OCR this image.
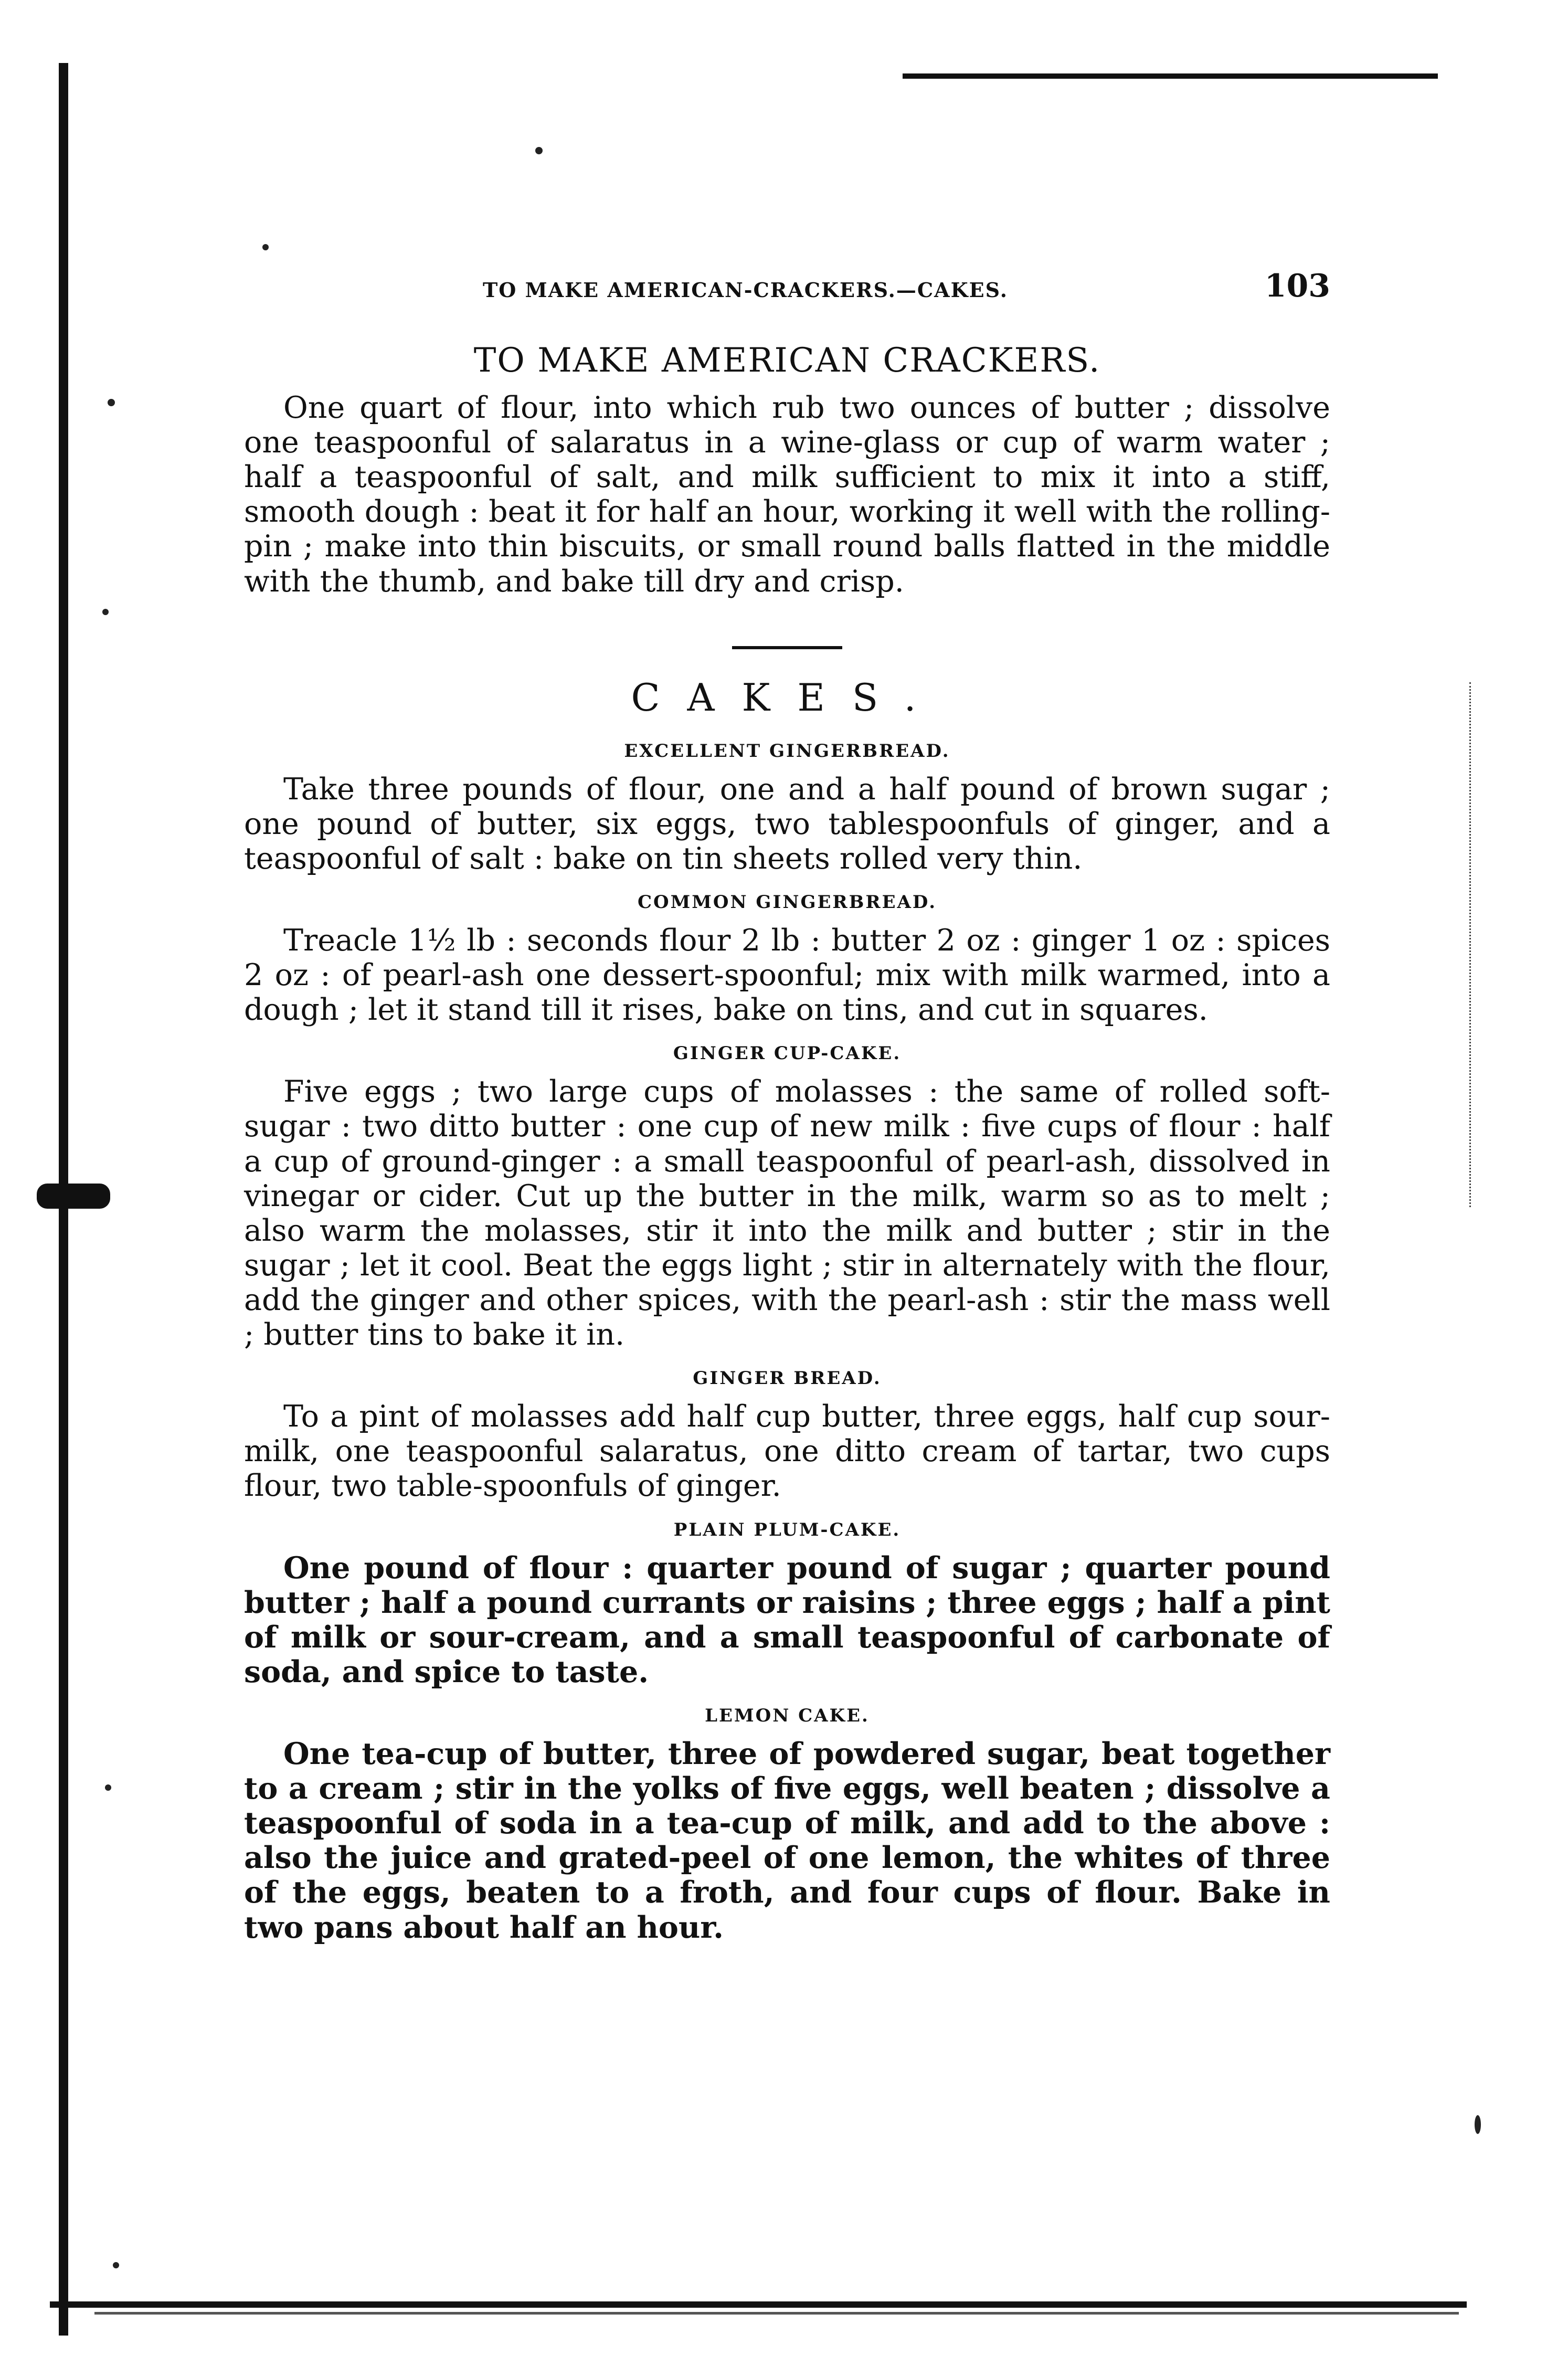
TO MAKE AMERICAN-CRACKERS.—CAKES.	103
TO MAKE AMERICAN CRACKERS.

One quart of flour, into which rub two ounces of butter ; dissolve one teaspoonful of salaratus in a wine-glass or cup of warm water ; half a teaspoonful of salt, and milk sufficient to mix it into a stiff, smooth dough : beat it for half an hour, working it well with the rolling-pin ; make into thin biscuits, or small round balls flatted in the middle with the thumb, and bake till dry and crisp.

CAKES.
EXCELLENT GINGERBREAD.

Take three pounds of flour, one and a half pound of brown sugar ; one pound of butter, six eggs, two tablespoonfuls of ginger, and a teaspoonful of salt : bake on tin sheets rolled very thin.

COMMON GINGERBREAD.

Treacle 1½ lb : seconds flour 2 lb : butter 2 oz : ginger 1 oz : spices 2 oz : of pearl-ash one dessert-spoonful; mix with milk warmed, into a dough ; let it stand till it rises, bake on tins, and cut in squares.

GINGER CUP-CAKE.

Five eggs ; two large cups of molasses : the same of rolled soft-sugar : two ditto butter : one cup of new milk : five cups of flour : half a cup of ground-ginger : a small teaspoonful of pearl-ash, dissolved in vinegar or cider. Cut up the butter in the milk, warm so as to melt ; also warm the molasses, stir it into the milk and butter ; stir in the sugar ; let it cool. Beat the eggs light ; stir in alternately with the flour, add the ginger and other spices, with the pearl-ash : stir the mass well ; butter tins to bake it in.

GINGER BREAD.

To a pint of molasses add half cup butter, three eggs, half cup sour-milk, one teaspoonful salaratus, one ditto cream of tartar, two cups flour, two table-spoonfuls of ginger.

PLAIN PLUM-CAKE.

One pound of flour : quarter pound of sugar ; quarter pound butter ; half a pound currants or raisins ; three eggs ; half a pint of milk or sour-cream, and a small teaspoonful of carbonate of soda, and spice to taste.

LEMON CAKE.

One tea-cup of butter, three of powdered sugar, beat together to a cream ; stir in the yolks of five eggs, well beaten ; dissolve a teaspoonful of soda in a tea-cup of milk, and add to the above : also the juice and grated-peel of one lemon, the whites of three of the eggs, beaten to a froth, and four cups of flour. Bake in two pans about half an hour.
